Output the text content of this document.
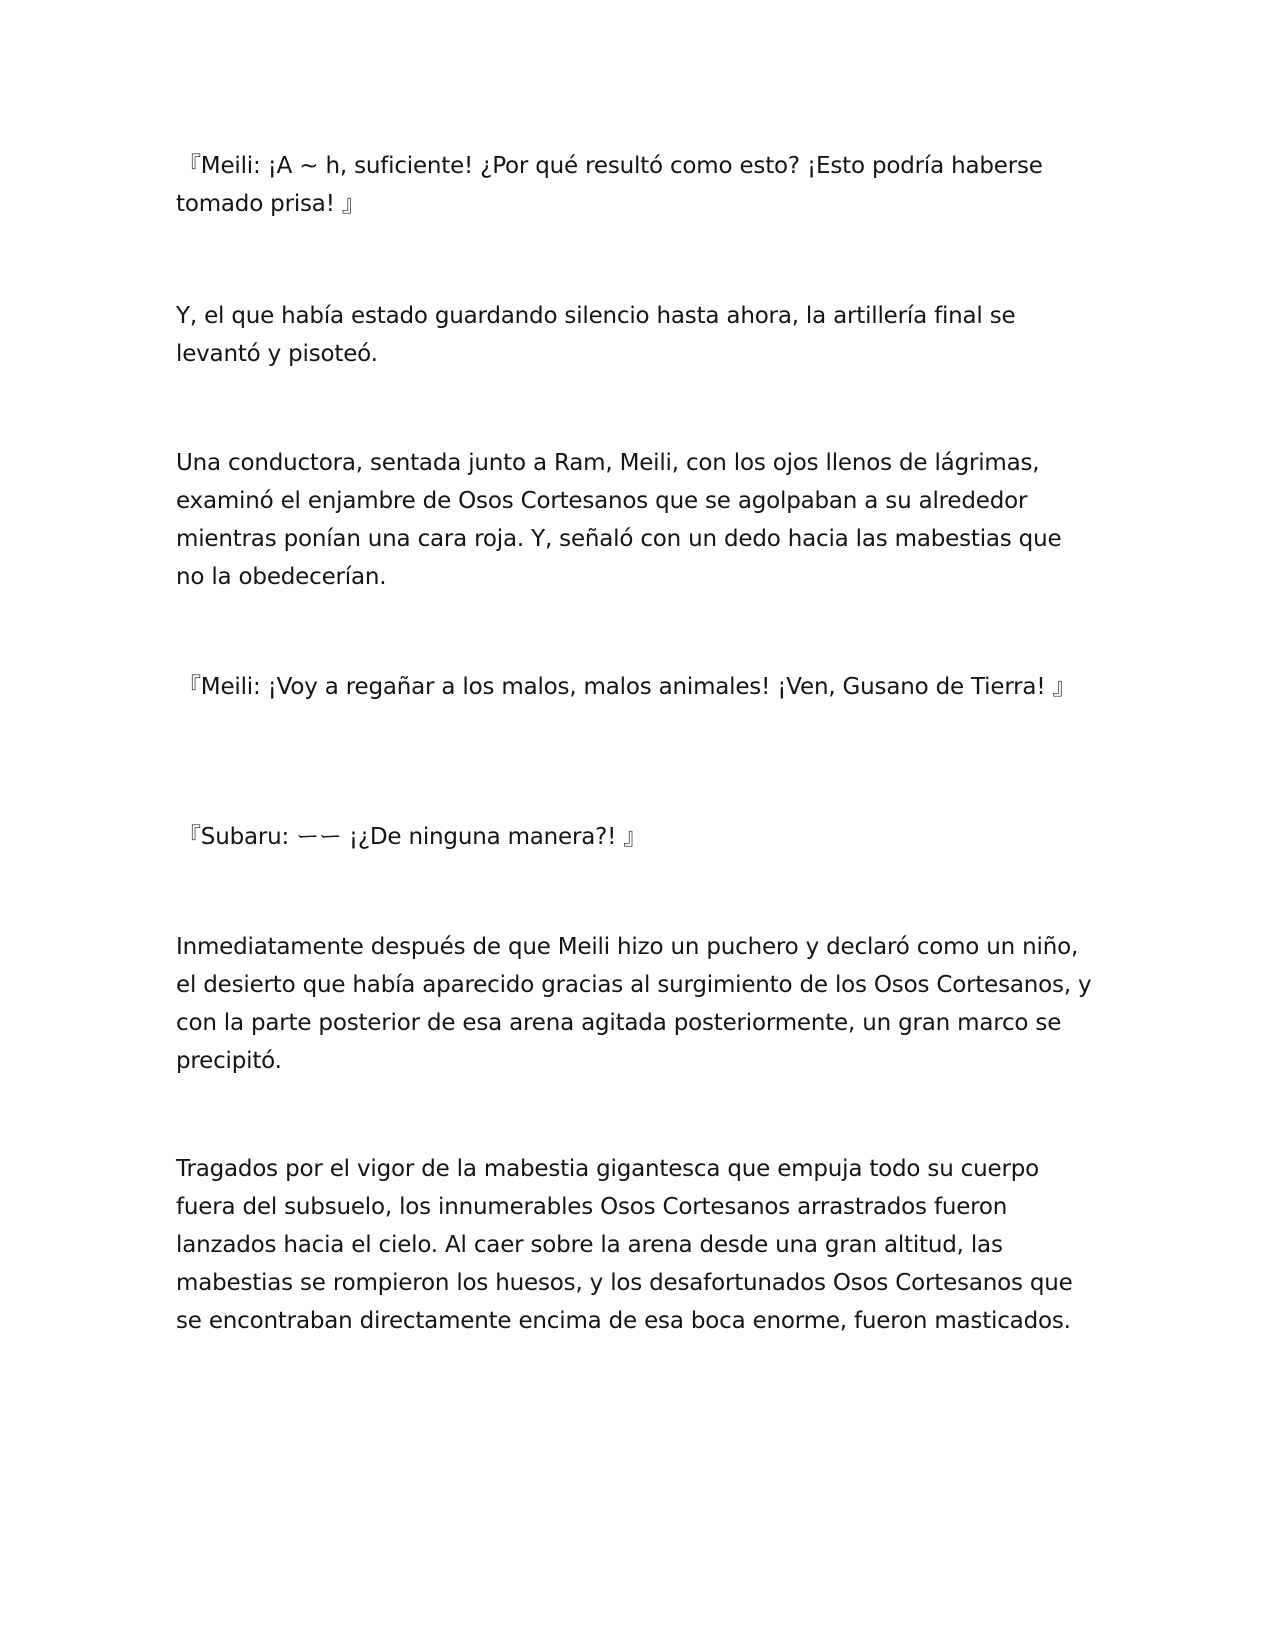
『Meili: ¡A ~ h, suficiente! ¿Por qué resultó como esto? ¡Esto podría haberse tomado prisa! 』

Y, el que había estado guardando silencio hasta ahora, la artillería final se levantó y pisoteó.

Una conductora, sentada junto a Ram, Meili, con los ojos llenos de lágrimas, examinó el enjambre de Osos Cortesanos que se agolpaban a su alrededor mientras ponían una cara roja. Y, señaló con un dedo hacia las mabestias que no la obedecerían.

『Meili: ¡Voy a regañar a los malos, malos animales! ¡Ven, Gusano de Tierra! 』

『Subaru: ーー ¡¿De ninguna manera?! 』

Inmediatamente después de que Meili hizo un puchero y declaró como un niño, el desierto que había aparecido gracias al surgimiento de los Osos Cortesanos, y con la parte posterior de esa arena agitada posteriormente, un gran marco se precipitó.

Tragados por el vigor de la mabestia gigantesca que empuja todo su cuerpo fuera del subsuelo, los innumerables Osos Cortesanos arrastrados fueron lanzados hacia el cielo. Al caer sobre la arena desde una gran altitud, las mabestias se rompieron los huesos, y los desafortunados Osos Cortesanos que se encontraban directamente encima de esa boca enorme, fueron masticados.
